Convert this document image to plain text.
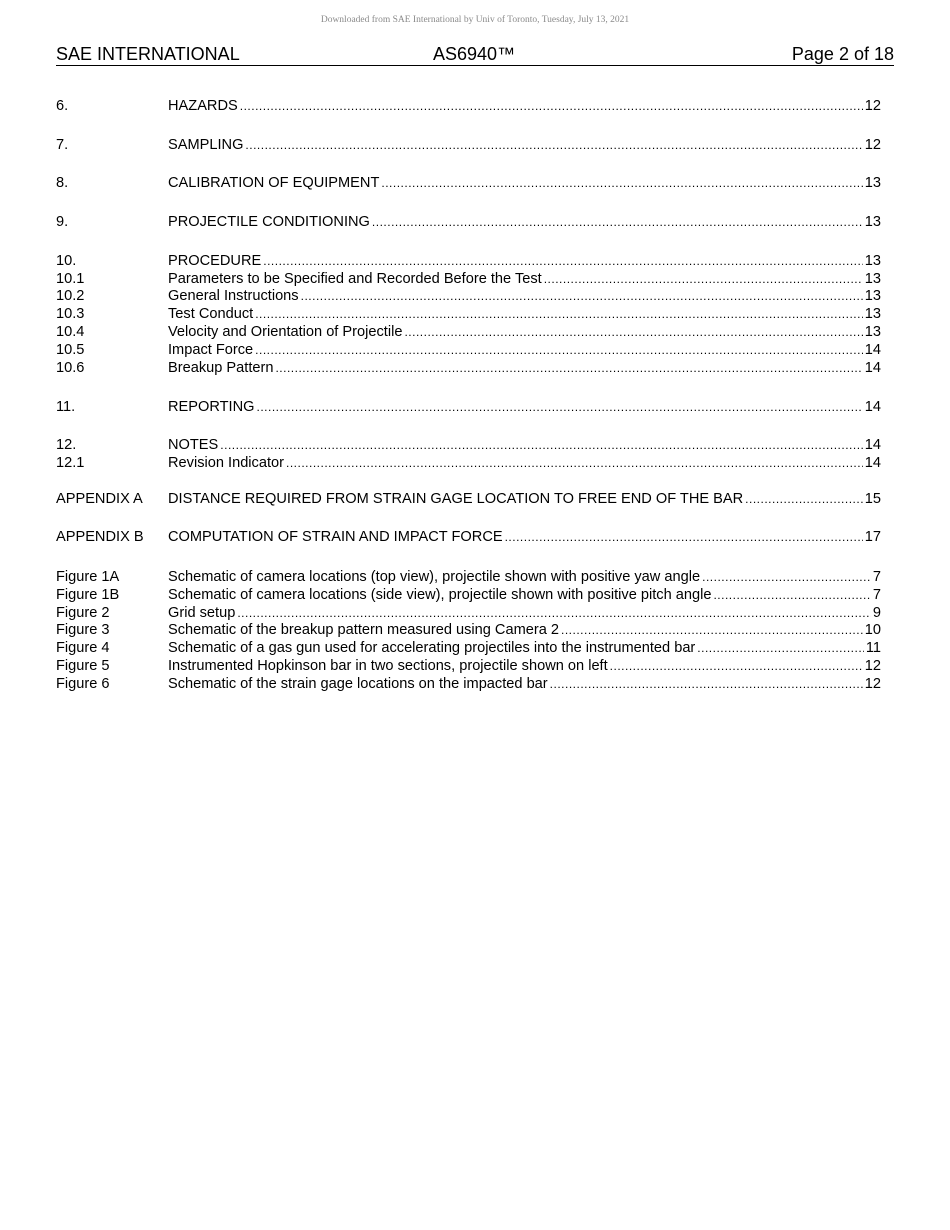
Downloaded from SAE International by Univ of Toronto, Tuesday, July 13, 2021
SAE INTERNATIONAL	AS6940™	Page 2 of 18
6.	HAZARDS .....	12
7.	SAMPLING .....	12
8.	CALIBRATION OF EQUIPMENT .....	13
9.	PROJECTILE CONDITIONING .....	13
10.	PROCEDURE .....	13
10.1	Parameters to be Specified and Recorded Before the Test .....	13
10.2	General Instructions .....	13
10.3	Test Conduct .....	13
10.4	Velocity and Orientation of Projectile .....	13
10.5	Impact Force .....	14
10.6	Breakup Pattern .....	14
11.	REPORTING .....	14
12.	NOTES .....	14
12.1	Revision Indicator .....	14
APPENDIX A DISTANCE REQUIRED FROM STRAIN GAGE LOCATION TO FREE END OF THE BAR .....	15
APPENDIX B COMPUTATION OF STRAIN AND IMPACT FORCE .....	17
Figure 1A	Schematic of camera locations (top view), projectile shown with positive yaw angle .....	7
Figure 1B	Schematic of camera locations (side view), projectile shown with positive pitch angle .....	7
Figure 2	Grid setup .....	9
Figure 3	Schematic of the breakup pattern measured using Camera 2 .....	10
Figure 4	Schematic of a gas gun used for accelerating projectiles into the instrumented bar .....	11
Figure 5	Instrumented Hopkinson bar in two sections, projectile shown on left .....	12
Figure 6	Schematic of the strain gage locations on the impacted bar .....	12
